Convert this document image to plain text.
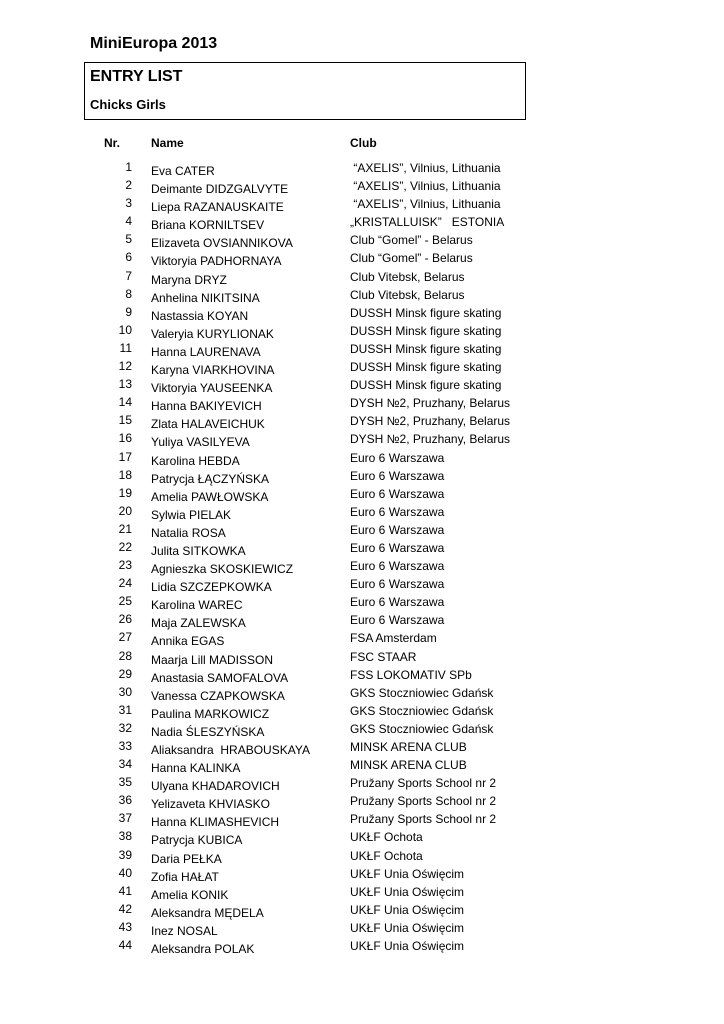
MiniEuropa 2013
ENTRY LIST
Chicks Girls
Nr.	Name	Club
1 Eva CATER	“AXELIS”, Vilnius, Lithuania
2 Deimante DIDZGALVYTE	“AXELIS”, Vilnius, Lithuania
3 Liepa RAZANAUSKAITE	“AXELIS”, Vilnius, Lithuania
4 Briana KORNILTSEV	„KRISTALLUISK”   ESTONIA
5 Elizaveta OVSIANNIKOVA	Club “Gomel” - Belarus
6 Viktoryia PADHORNAYA	Club “Gomel” - Belarus
7 Maryna DRYZ	Club Vitebsk, Belarus
8 Anhelina NIKITSINA	Club Vitebsk, Belarus
9 Nastassia KOYAN	DUSSH Minsk figure skating
10 Valeryia KURYLIONAK	DUSSH Minsk figure skating
11 Hanna LAURENAVA	DUSSH Minsk figure skating
12 Karyna VIARKHOVINA	DUSSH Minsk figure skating
13 Viktoryia YAUSEENKA	DUSSH Minsk figure skating
14 Hanna BAKIYEVICH	DYSH №2, Pruzhany, Belarus
15 Zlata HALAVEICHUK	DYSH №2, Pruzhany, Belarus
16 Yuliya VASILYEVA	DYSH №2, Pruzhany, Belarus
17 Karolina HEBDA	Euro 6 Warszawa
18 Patrycja ŁĄCZYŃSKA	Euro 6 Warszawa
19 Amelia PAWŁOWSKA	Euro 6 Warszawa
20 Sylwia PIELAK	Euro 6 Warszawa
21 Natalia ROSA	Euro 6 Warszawa
22 Julita SITKOWKA	Euro 6 Warszawa
23 Agnieszka SKOSKIEWICZ	Euro 6 Warszawa
24 Lidia SZCZEPKOWKA	Euro 6 Warszawa
25 Karolina WAREC	Euro 6 Warszawa
26 Maja ZALEWSKA	Euro 6 Warszawa
27 Annika EGAS	FSA Amsterdam
28 Maarja Lill MADISSON	FSC STAAR
29 Anastasia SAMOFALOVA	FSS LOKOMATIV SPb
30 Vanessa CZAPKOWSKA	GKS Stoczniowiec Gdańsk
31 Paulina MARKOWICZ	GKS Stoczniowiec Gdańsk
32 Nadia ŚLESZYŃSKA	GKS Stoczniowiec Gdańsk
33 Aliaksandra  HRABOUSKAYA	MINSK ARENA CLUB
34 Hanna KALINKA	MINSK ARENA CLUB
35 Ulyana KHADAROVICH	Pružany Sports School nr 2
36 Yelizaveta KHVIASKO	Pružany Sports School nr 2
37 Hanna KLIMASHEVICH	Pružany Sports School nr 2
38 Patrycja KUBICA	UKŁF Ochota
39 Daria PEŁKA	UKŁF Ochota
40 Zofia HAŁAT	UKŁF Unia Oświęcim
41 Amelia KONIK	UKŁF Unia Oświęcim
42 Aleksandra MĘDELA	UKŁF Unia Oświęcim
43 Inez NOSAL	UKŁF Unia Oświęcim
44 Aleksandra POLAK	UKŁF Unia Oświęcim
